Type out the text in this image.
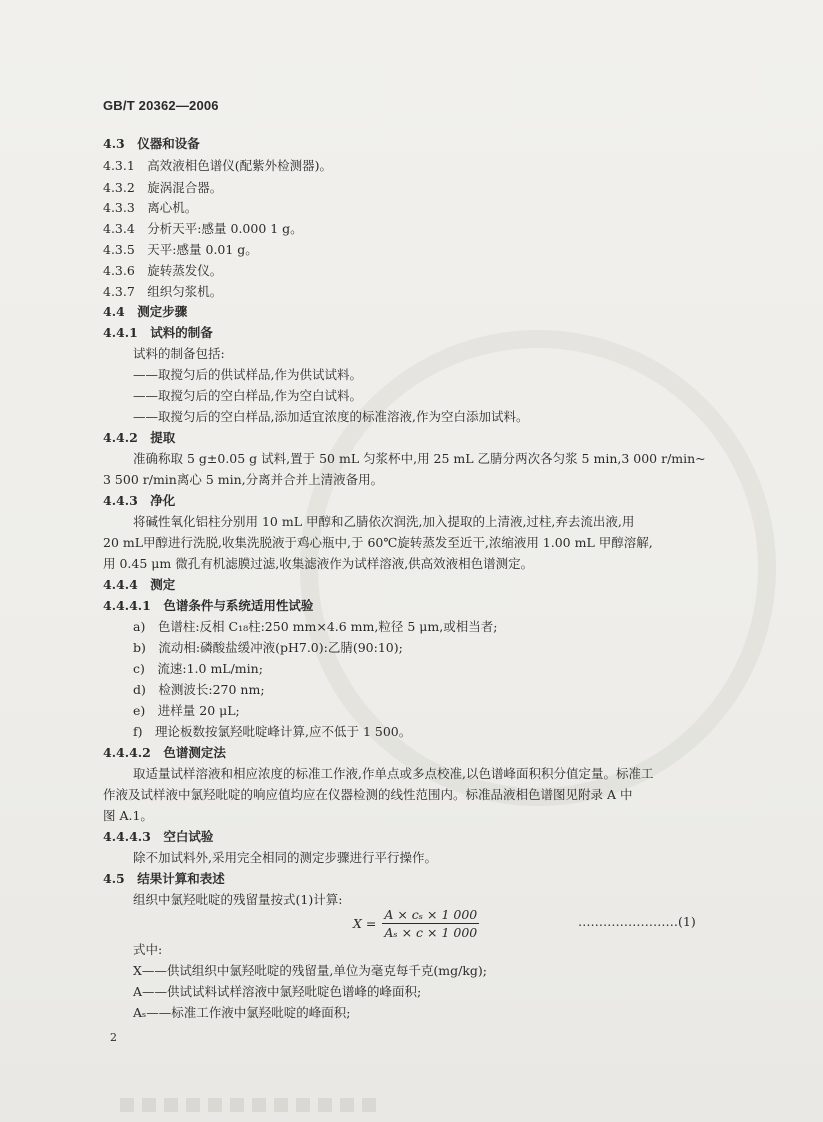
GB/T 20362—2006
4.3　仪器和设备
4.3.1　高效液相色谱仪(配紫外检测器)。
4.3.2　旋涡混合器。
4.3.3　离心机。
4.3.4　分析天平:感量 0.000 1 g。
4.3.5　天平:感量 0.01 g。
4.3.6　旋转蒸发仪。
4.3.7　组织匀浆机。
4.4　测定步骤
4.4.1　试料的制备
试料的制备包括:
——取搅匀后的供试样品,作为供试试料。
——取搅匀后的空白样品,作为空白试料。
——取搅匀后的空白样品,添加适宜浓度的标准溶液,作为空白添加试料。
4.4.2　提取
准确称取 5 g±0.05 g 试料,置于 50 mL 匀浆杯中,用 25 mL 乙腈分两次各匀浆 5 min,3 000 r/min~
3 500 r/min离心 5 min,分离并合并上清液备用。
4.4.3　净化
将碱性氧化铝柱分别用 10 mL 甲醇和乙腈依次润洗,加入提取的上清液,过柱,弃去流出液,用
20 mL甲醇进行洗脱,收集洗脱液于鸡心瓶中,于 60℃旋转蒸发至近干,浓缩液用 1.00 mL 甲醇溶解,
用 0.45 μm 微孔有机滤膜过滤,收集滤液作为试样溶液,供高效液相色谱测定。
4.4.4　测定
4.4.4.1　色谱条件与系统适用性试验
a)　色谱柱:反相 C₁₈柱:250 mm×4.6 mm,粒径 5 μm,或相当者;
b)　流动相:磷酸盐缓冲液(pH7.0):乙腈(90:10);
c)　流速:1.0 mL/min;
d)　检测波长:270 nm;
e)　进样量 20 μL;
f)　理论板数按氯羟吡啶峰计算,应不低于 1 500。
4.4.4.2　色谱测定法
取适量试样溶液和相应浓度的标准工作液,作单点或多点校准,以色谱峰面积积分值定量。标准工
作液及试样液中氯羟吡啶的响应值均应在仪器检测的线性范围内。标准品液相色谱图见附录 A 中
图 A.1。
4.4.4.3　空白试验
除不加试料外,采用完全相同的测定步骤进行平行操作。
4.5　结果计算和表述
组织中氯羟吡啶的残留量按式(1)计算:
$X = \frac{\text{A × cₛ × 1 000}}{\text{Aₛ × c × 1 000}}$	……………………(1)
式中:
X——供试组织中氯羟吡啶的残留量,单位为毫克每千克(mg/kg);
A——供试试料试样溶液中氯羟吡啶色谱峰的峰面积;
Aₛ——标准工作液中氯羟吡啶的峰面积;
2
